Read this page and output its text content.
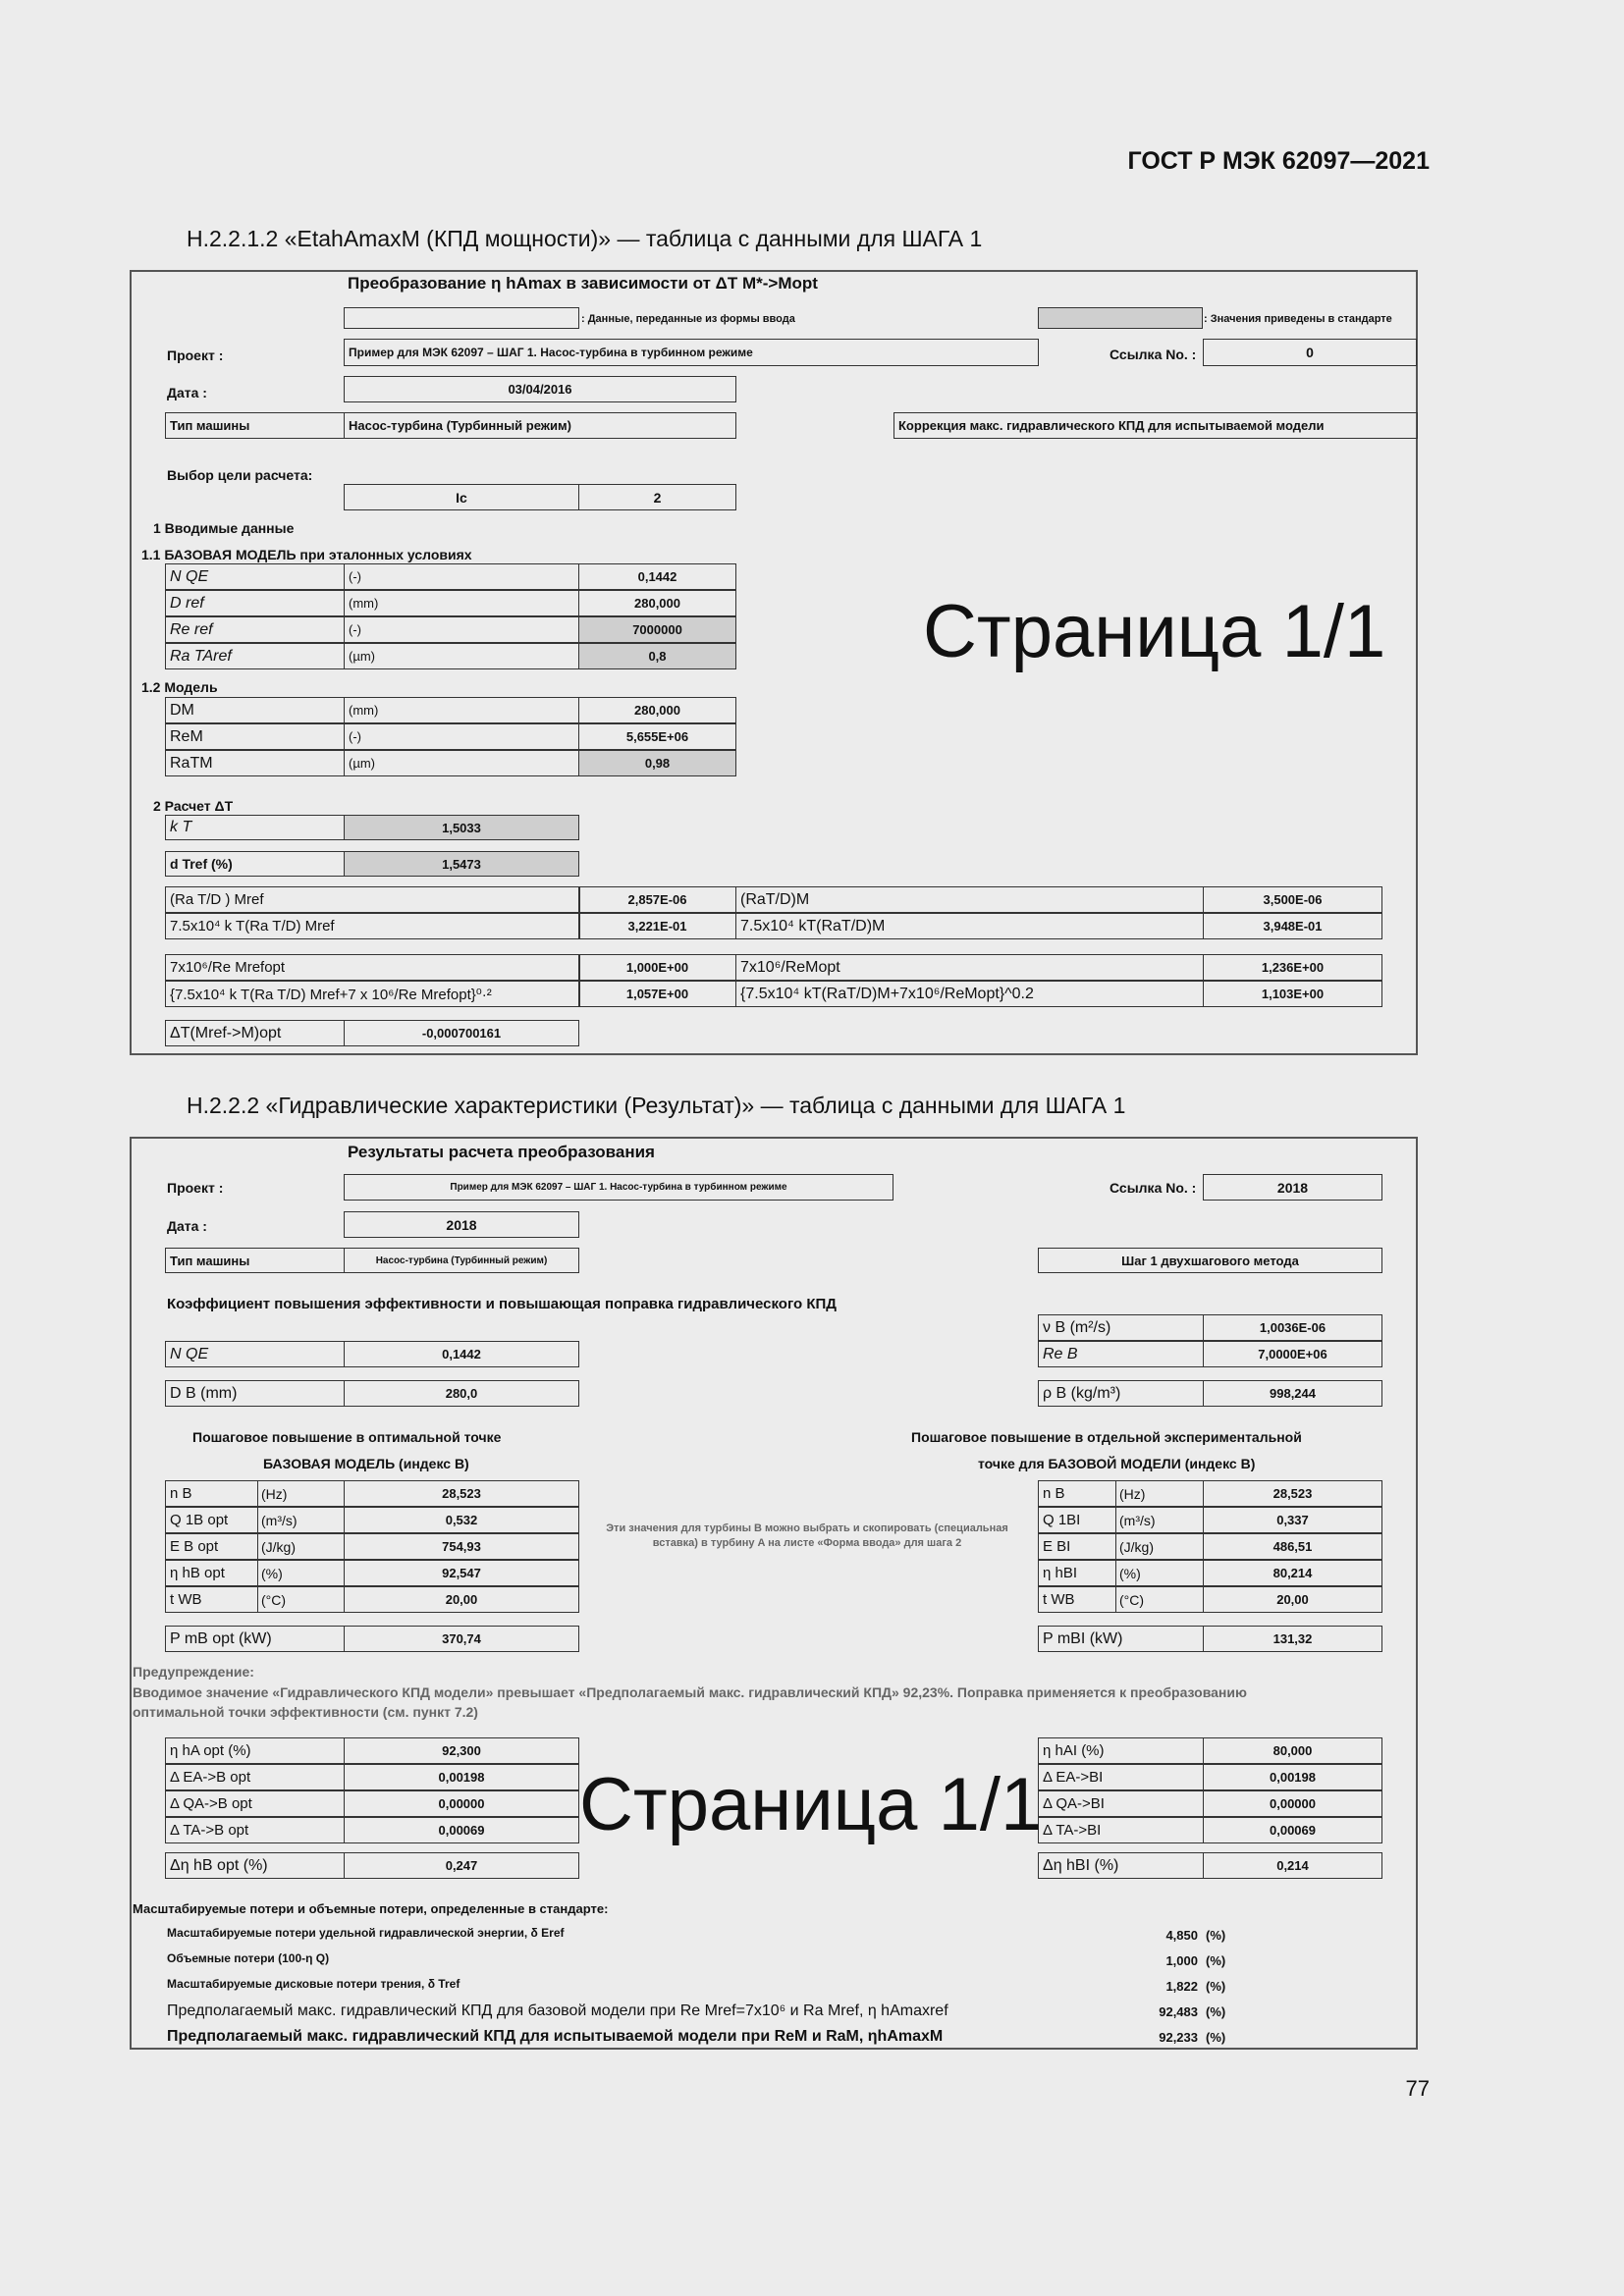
ГОСТ Р МЭК 62097—2021
H.2.2.1.2 «EtahAmaxM (КПД мощности)» — таблица с данными для ШАГА 1
Преобразование η hAmax в зависимости от ΔT M*->Mopt
: Данные, переданные из формы ввода	: Значения приведены в стандарте
Проект :	Пример для МЭК 62097 – ШАГ 1. Насос-турбина в турбинном режиме	Ссылка No. :	0
Дата :	03/04/2016
Тип машины	Насос-турбина (Турбинный режим)	Коррекция макс. гидравлического КПД для испытываемой модели
Выбор цели расчета:
Ic	2
1 Вводимые данные
1.1 БАЗОВАЯ МОДЕЛЬ при эталонных условиях
N QE	(-)	0,1442
D ref	(mm)	280,000
Re ref	(-)	7000000
Ra TAref	(µm)	0,8
1.2 Модель
DM	(mm)	280,000
ReM	(-)	5,655E+06
RaTM	(µm)	0,98
Страница 1/1
2 Расчет ΔT
k T	1,5033
d Tref (%)	1,5473
(Ra T/D ) Mref	2,857E-06	(RaT/D)M	3,500E-06
7.5x10⁴ k T(Ra T/D) Mref	3,221E-01	7.5x10⁴ kT(RaT/D)M	3,948E-01
7x10⁶/Re Mrefopt	1,000E+00	7x10⁶/ReMopt	1,236E+00
{7.5x10⁴ k T(Ra T/D) Mref+7 x 10⁶/Re Mrefopt}⁰·²	1,057E+00	{7.5x10⁴ kT(RaT/D)M+7x10⁶/ReMopt}^0.2	1,103E+00
ΔT(Mref->M)opt	-0,000700161
H.2.2.2 «Гидравлические характеристики (Результат)» — таблица с данными для ШАГА 1
Результаты расчета преобразования
Проект :	Пример для МЭК 62097 – ШАГ 1. Насос-турбина в турбинном режиме	Ссылка No. :	2018
Дата :	2018
Тип машины	Насос-турбина (Турбинный режим)	Шаг 1 двухшагового метода
Коэффициент повышения эффективности и повышающая поправка гидравлического КПД
N QE	0,1442
D B (mm)	280,0
ν B (m²/s)	1,0036E-06
Re B	7,0000E+06
ρ B (kg/m³)	998,244
Пошаговое повышение в оптимальной точке
БАЗОВАЯ МОДЕЛЬ (индекс B)
Пошаговое повышение в отдельной экспериментальной
точке для БАЗОВОЙ МОДЕЛИ (индекс B)
n B	(Hz)	28,523
Q 1B opt	(m³/s)	0,532
E B opt	(J/kg)	754,93
η hB opt	(%)	92,547
t WB	(°C)	20,00
n B	(Hz)	28,523
Q 1BI	(m³/s)	0,337
E BI	(J/kg)	486,51
η hBI	(%)	80,214
t WB	(°C)	20,00
Эти значения для турбины B можно выбрать и скопировать (специальная вставка) в турбину A на листе «Форма ввода» для шага 2
P mB opt (kW)	370,74	P mBI (kW)	131,32
Предупреждение:
Вводимое значение «Гидравлического КПД модели» превышает «Предполагаемый макс. гидравлический КПД» 92,23%. Поправка применяется к преобразованию оптимальной точки эффективности (см. пункт 7.2)
η hA opt (%)	92,300
Δ EA->B opt	0,00198
Δ QA->B opt	0,00000
Δ TA->B opt	0,00069
η hAI (%)	80,000
Δ EA->BI	0,00198
Δ QA->BI	0,00000
Δ TA->BI	0,00069
Страница 1/1
Δη hB opt (%)	0,247	Δη hBI (%)	0,214
Масштабируемые потери и объемные потери, определенные в стандарте:
Масштабируемые потери удельной гидравлической энергии, δ Eref	4,850 (%)
Объемные потери (100-η Q)	1,000 (%)
Масштабируемые дисковые потери трения, δ Tref	1,822 (%)
Предполагаемый макс. гидравлический КПД для базовой модели при Re Mref=7x10⁶ и Ra Mref, η hAmaxref	92,483 (%)
Предполагаемый макс. гидравлический КПД для испытываемой модели при ReM и RaM, ηhAmaxM	92,233 (%)
77
